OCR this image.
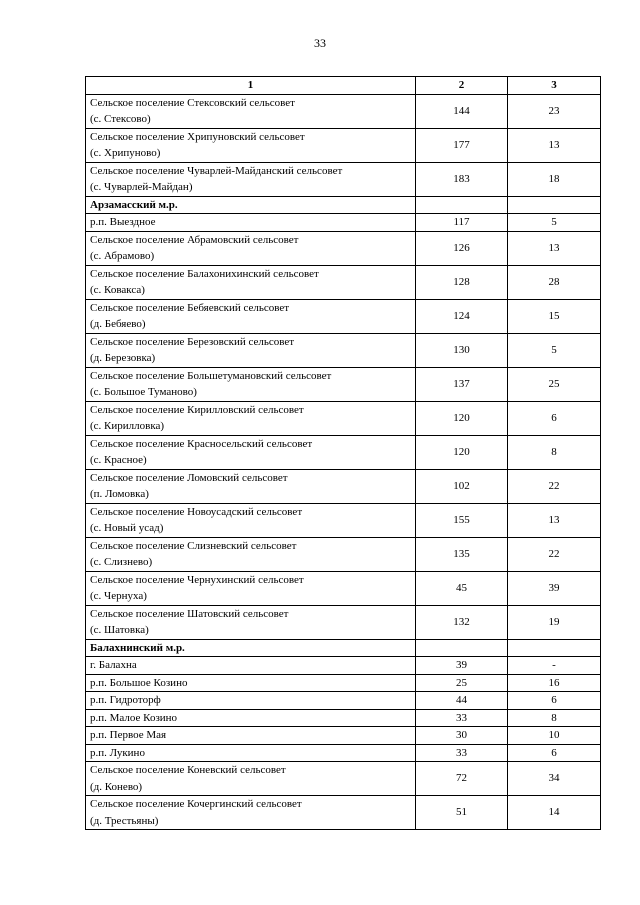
33
1	2	3

Сельское поселение Стексовский сельсовет
(с. Стексово)	144	23

Сельское поселение Хрипуновский сельсовет
(с. Хрипуново)	177	13

Сельское поселение Чуварлей-Майданский сельсовет
(с. Чуварлей-Майдан)	183	18

Арзамасский м.р.		

р.п. Выездное	117	5

Сельское поселение Абрамовский сельсовет
(с. Абрамово)	126	13

Сельское поселение Балахонихинский сельсовет
(с. Ковакса)	128	28

Сельское поселение Бебяевский сельсовет
(д. Бебяево)	124	15

Сельское поселение Березовский сельсовет
(д. Березовка)	130	5

Сельское поселение Большетумановский сельсовет
(с. Большое Туманово)	137	25

Сельское поселение Кирилловский сельсовет
(с. Кирилловка)	120	6

Сельское поселение Красносельский сельсовет
(с. Красное)	120	8

Сельское поселение Ломовский сельсовет
(п. Ломовка)	102	22

Сельское поселение Новоусадский сельсовет
(с. Новый усад)	155	13

Сельское поселение Слизневский сельсовет
(с. Слизнево)	135	22

Сельское поселение Чернухинский сельсовет
(с. Чернуха)	45	39

Сельское поселение Шатовский сельсовет
(с. Шатовка)	132	19

Балахнинский м.р.		

г. Балахна	39	-

р.п. Большое Козино	25	16

р.п. Гидроторф	44	6

р.п. Малое Козино	33	8

р.п. Первое Мая	30	10

р.п. Лукино	33	6

Сельское поселение Коневский сельсовет
(д. Конево)	72	34

Сельское поселение Кочергинский сельсовет
(д. Трестьяны)	51	14
